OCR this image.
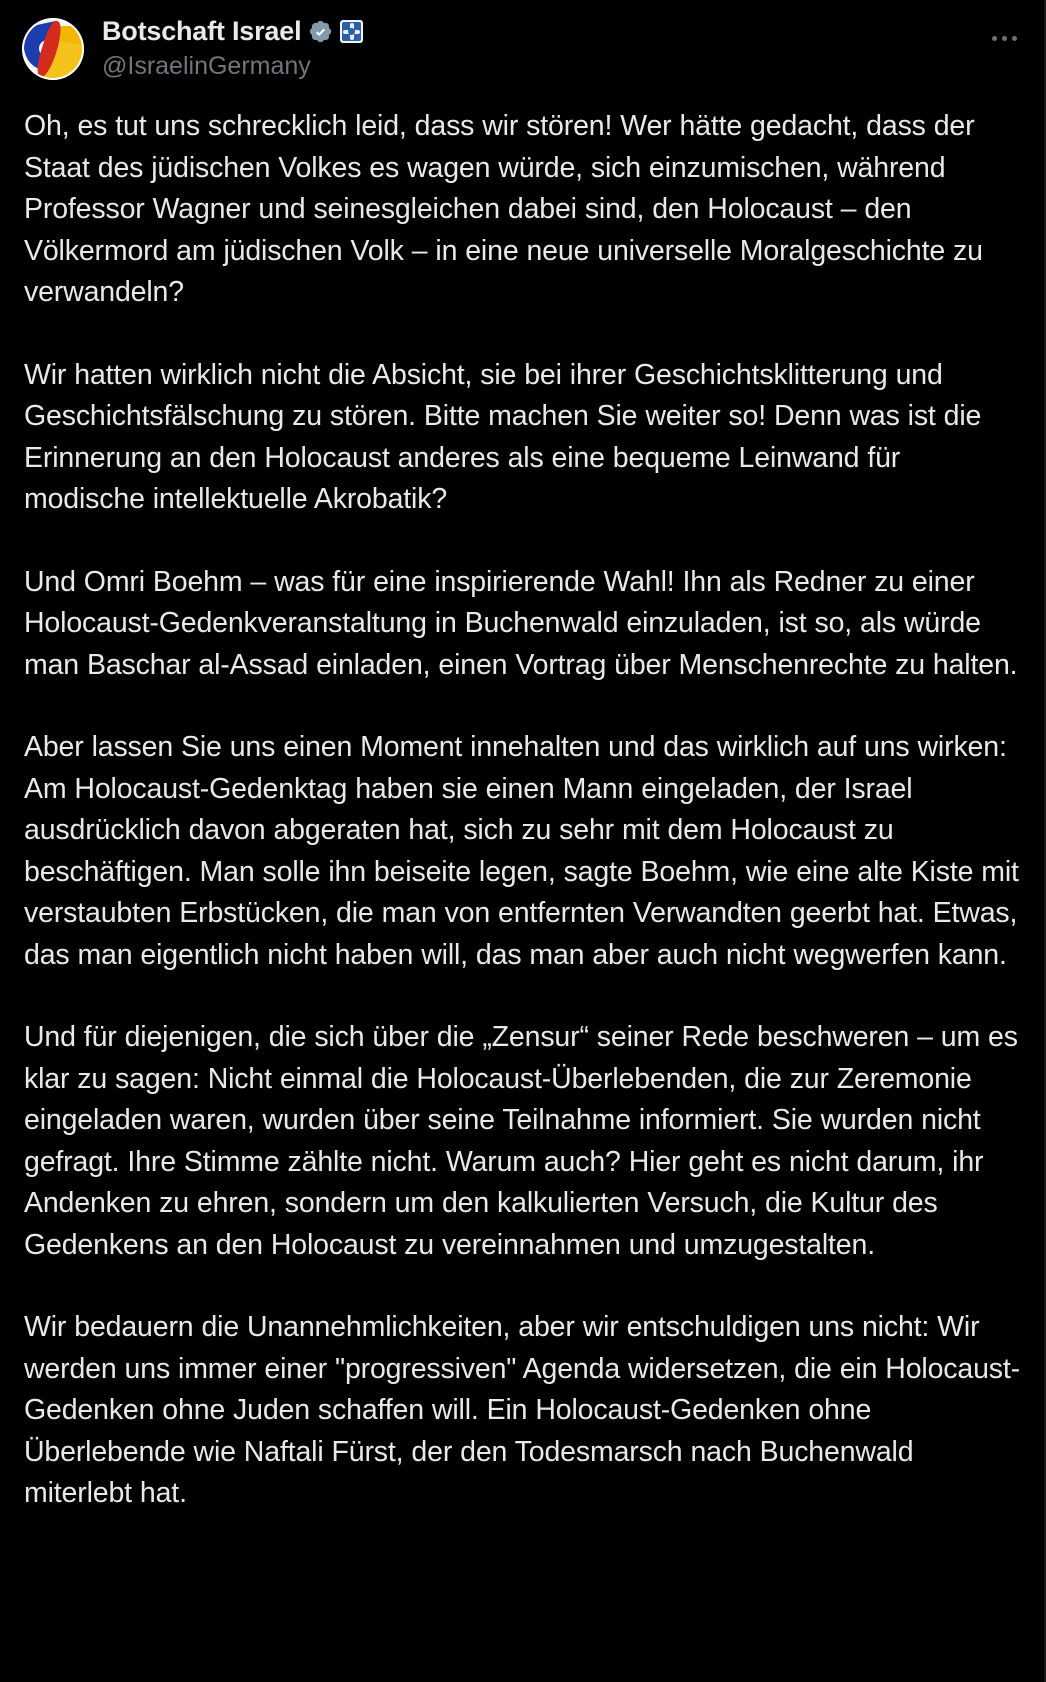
Botschaft Israel
@IsraelinGermany

Oh, es tut uns schrecklich leid, dass wir stören! Wer hätte gedacht, dass der Staat des jüdischen Volkes es wagen würde, sich einzumischen, während Professor Wagner und seinesgleichen dabei sind, den Holocaust – den Völkermord am jüdischen Volk – in eine neue universelle Moralgeschichte zu verwandeln?

Wir hatten wirklich nicht die Absicht, sie bei ihrer Geschichtsklitterung und Geschichtsfälschung zu stören. Bitte machen Sie weiter so! Denn was ist die Erinnerung an den Holocaust anderes als eine bequeme Leinwand für modische intellektuelle Akrobatik?

Und Omri Boehm – was für eine inspirierende Wahl! Ihn als Redner zu einer Holocaust-Gedenkveranstaltung in Buchenwald einzuladen, ist so, als würde man Baschar al-Assad einladen, einen Vortrag über Menschenrechte zu halten.

Aber lassen Sie uns einen Moment innehalten und das wirklich auf uns wirken: Am Holocaust-Gedenktag haben sie einen Mann eingeladen, der Israel ausdrücklich davon abgeraten hat, sich zu sehr mit dem Holocaust zu beschäftigen. Man solle ihn beiseite legen, sagte Boehm, wie eine alte Kiste mit verstaubten Erbstücken, die man von entfernten Verwandten geerbt hat. Etwas, das man eigentlich nicht haben will, das man aber auch nicht wegwerfen kann.

Und für diejenigen, die sich über die „Zensur“ seiner Rede beschweren – um es klar zu sagen: Nicht einmal die Holocaust-Überlebenden, die zur Zeremonie eingeladen waren, wurden über seine Teilnahme informiert. Sie wurden nicht gefragt. Ihre Stimme zählte nicht. Warum auch? Hier geht es nicht darum, ihr Andenken zu ehren, sondern um den kalkulierten Versuch, die Kultur des Gedenkens an den Holocaust zu vereinnahmen und umzugestalten.

Wir bedauern die Unannehmlichkeiten, aber wir entschuldigen uns nicht: Wir werden uns immer einer "progressiven" Agenda widersetzen, die ein Holocaust-Gedenken ohne Juden schaffen will. Ein Holocaust-Gedenken ohne Überlebende wie Naftali Fürst, der den Todesmarsch nach Buchenwald miterlebt hat.
